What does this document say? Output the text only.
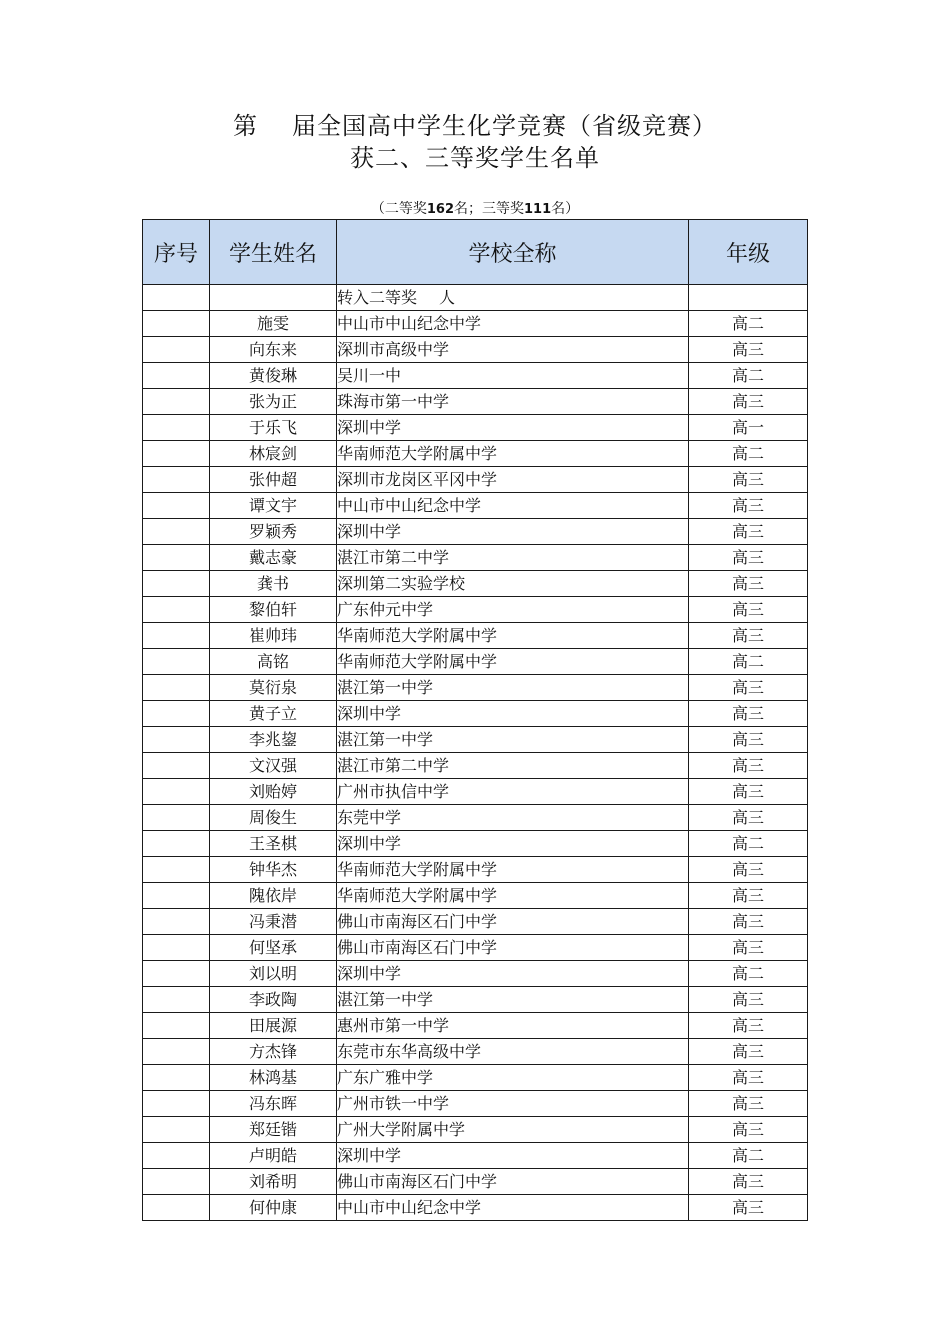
第 届全国高中学生化学竞赛（省级竞赛）
获二、三等奖学生名单
（二等奖162名；三等奖111名）
序号	学生姓名	学校全称	年级
		转入二等奖 人	
	施雯	中山市中山纪念中学	高二
	向东来	深圳市高级中学	高三
	黄俊琳	吴川一中	高二
	张为正	珠海市第一中学	高三
	于乐飞	深圳中学	高一
	林宸剑	华南师范大学附属中学	高二
	张仲超	深圳市龙岗区平冈中学	高三
	谭文宇	中山市中山纪念中学	高三
	罗颖秀	深圳中学	高三
	戴志豪	湛江市第二中学	高三
	龚书	深圳第二实验学校	高三
	黎伯轩	广东仲元中学	高三
	崔帅玮	华南师范大学附属中学	高三
	高铭	华南师范大学附属中学	高二
	莫衍泉	湛江第一中学	高三
	黄子立	深圳中学	高三
	李兆鋆	湛江第一中学	高三
	文汉强	湛江市第二中学	高三
	刘贻婷	广州市执信中学	高三
	周俊生	东莞中学	高三
	王圣棋	深圳中学	高二
	钟华杰	华南师范大学附属中学	高三
	隗依岸	华南师范大学附属中学	高三
	冯秉潜	佛山市南海区石门中学	高三
	何坚承	佛山市南海区石门中学	高三
	刘以明	深圳中学	高二
	李政陶	湛江第一中学	高三
	田展源	惠州市第一中学	高三
	方杰锋	东莞市东华高级中学	高三
	林鸿基	广东广雅中学	高三
	冯东晖	广州市铁一中学	高三
	郑廷锴	广州大学附属中学	高三
	卢明皓	深圳中学	高二
	刘希明	佛山市南海区石门中学	高三
	何仲康	中山市中山纪念中学	高三
